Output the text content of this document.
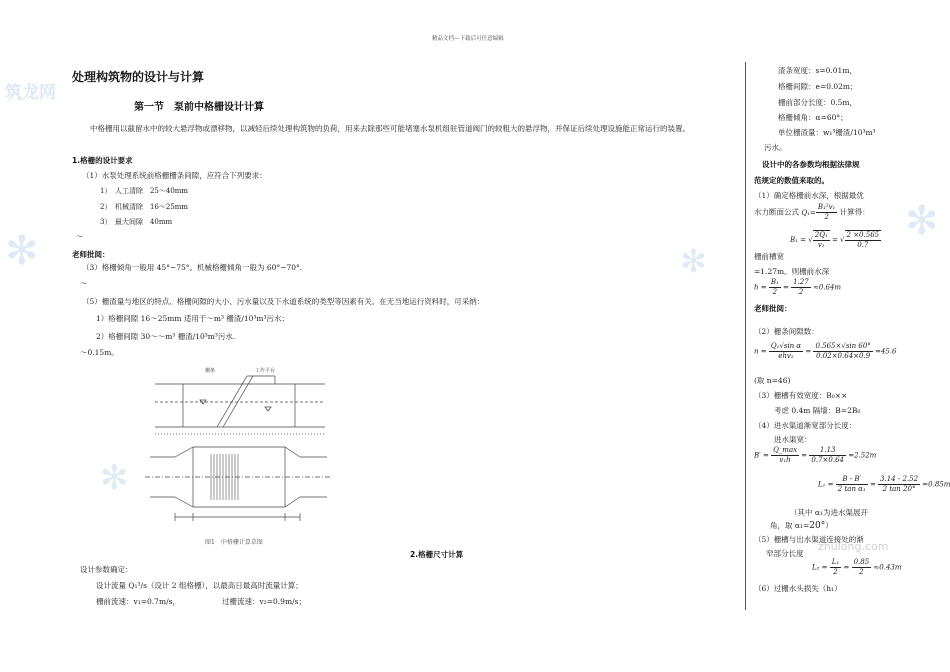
筑龙网
✻	✻
✻
✻
zhulong.com
精品文档---下载后可任意编辑
处理构筑物的设计与计算
第一节　泵前中格栅设计计算
中格栅用以截留水中的较大悬浮物或漂移物，以减轻后续处理构筑物的负荷，用来去除那些可能堵塞水泵机组驻管道阀门的较粗大的悬浮物，并保证后续处理设施能正常运行的装置。
1.格栅的设计要求
（1）水泵处理系统前格栅栅条间隙，应符合下列要求：
1）　人工清除　25～40mm
2）　机械清除　16～25mm
3）　最大间隙　40mm
～
老师批阅：
（3）格栅倾角一般用 45°~75°。机械格栅倾角一般为 60°~70°.
～
（5）栅渣量与地区的特点、格栅间隙的大小、污水量以及下水道系统的类型等因素有关。在无当地运行资料时，可采纳：
1）格栅间隙 16～25mm 适用于～m³ 栅渣/10³m³污水；
2）格栅间隙 30～～m³ 栅渣/10³m³污水.
～0.15m。
栅条	工作平台
图1　中格栅计算草图
2.格栅尺寸计算
设计参数确定：
设计流量 Q₁³/s（设计 2 组格栅），以最高日最高时流量计算；
栅前流速：v₁=0.7m/s，	过栅流速：v₂=0.9m/s；
渣条宽度：s=0.01m，
格栅间隙：e=0.02m；
栅前部分长度：0.5m，
格栅倾角：α=60°；
单位栅渣量：w₁³栅渣/10³m³
污水。
设计中的各参数均根据法律规
范规定的数值来取的。
（1）确定格栅前水深，根据最优
水力断面公式 $Q_1= \frac{\text{B₁²v₁}}{2}$ 计算得：
B₁ = √ $\frac{\text{2Q₁}}{\text{v₁}}$ = √ $\frac{2 \times 0.565}{0.7}$
栅前槽宽
=1.27m。则栅前水深
$h = \frac{\text{B₁}}{2} = \frac{1.27}{2} \approx 0.64m$
老师批阅：
（2）栅条间隙数：
$n = \frac{\text{Q₁√sin α}}{\text{ehv₂}} = \frac{0.565\times√\sin 60^\circ}{0.02\times 0.64\times 0.9} =45.6$
(取 n=46)
（3）栅槽有效宽度：B₀××
考虑 0.4m 隔墙：B=2B₀
（4）进水渠道渐宽部分长度：
进水渠宽：
$B' = \frac{Q\_\max}{\text{v₁h}} = \frac{1.13}{0.7\times 0.64} =2.52m$
$L_1 = \frac{B - B'}{\text{2 tan α₁}} = \frac{3.14 - 2.52}{2 \tan 20^\circ} =0.85m$
（其中 α₁为进水渠展开
角，取 α₁=20°）
（5）栅槽与出水渠道连接处的渐
窄部分长度
$L_2 = \frac{\text{L₁}}{2} = \frac{0.85}{2} \approx 0.43m$
（6）过栅水头损失（h₁）
